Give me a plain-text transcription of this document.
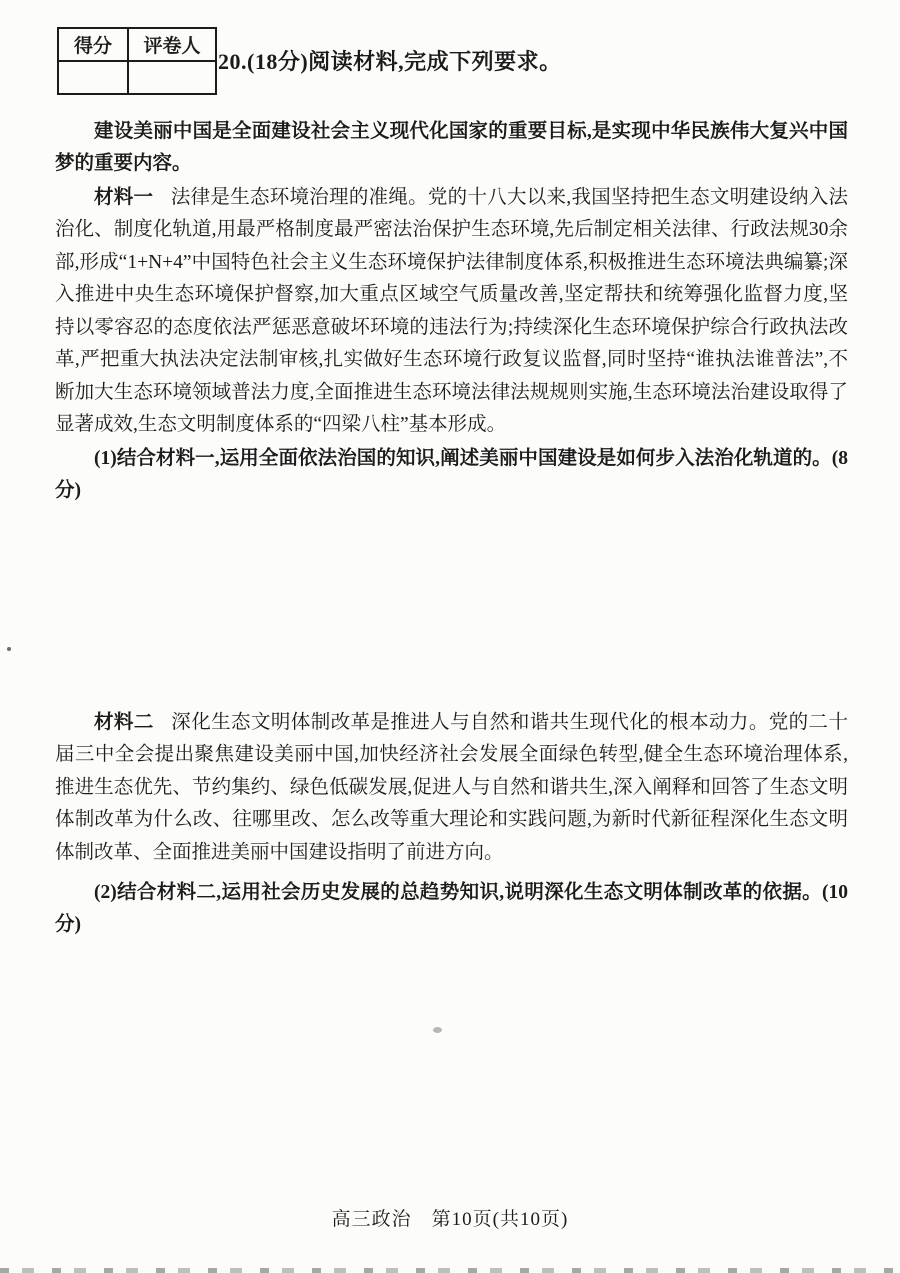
得分	评卷人

20.(18分)阅读材料,完成下列要求。

建设美丽中国是全面建设社会主义现代化国家的重要目标,是实现中华民族伟大复兴中国梦的重要内容。

材料一 法律是生态环境治理的准绳。党的十八大以来,我国坚持把生态文明建设纳入法治化、制度化轨道,用最严格制度最严密法治保护生态环境,先后制定相关法律、行政法规30余部,形成“1+N+4”中国特色社会主义生态环境保护法律制度体系,积极推进生态环境法典编纂;深入推进中央生态环境保护督察,加大重点区域空气质量改善,坚定帮扶和统筹强化监督力度,坚持以零容忍的态度依法严惩恶意破坏环境的违法行为;持续深化生态环境保护综合行政执法改革,严把重大执法决定法制审核,扎实做好生态环境行政复议监督,同时坚持“谁执法谁普法”,不断加大生态环境领域普法力度,全面推进生态环境法律法规规则实施,生态环境法治建设取得了显著成效,生态文明制度体系的“四梁八柱”基本形成。

(1)结合材料一,运用全面依法治国的知识,阐述美丽中国建设是如何步入法治化轨道的。(8分)

材料二 深化生态文明体制改革是推进人与自然和谐共生现代化的根本动力。党的二十届三中全会提出聚焦建设美丽中国,加快经济社会发展全面绿色转型,健全生态环境治理体系,推进生态优先、节约集约、绿色低碳发展,促进人与自然和谐共生,深入阐释和回答了生态文明体制改革为什么改、往哪里改、怎么改等重大理论和实践问题,为新时代新征程深化生态文明体制改革、全面推进美丽中国建设指明了前进方向。

(2)结合材料二,运用社会历史发展的总趋势知识,说明深化生态文明体制改革的依据。(10分)

高三政治　第10页(共10页)
